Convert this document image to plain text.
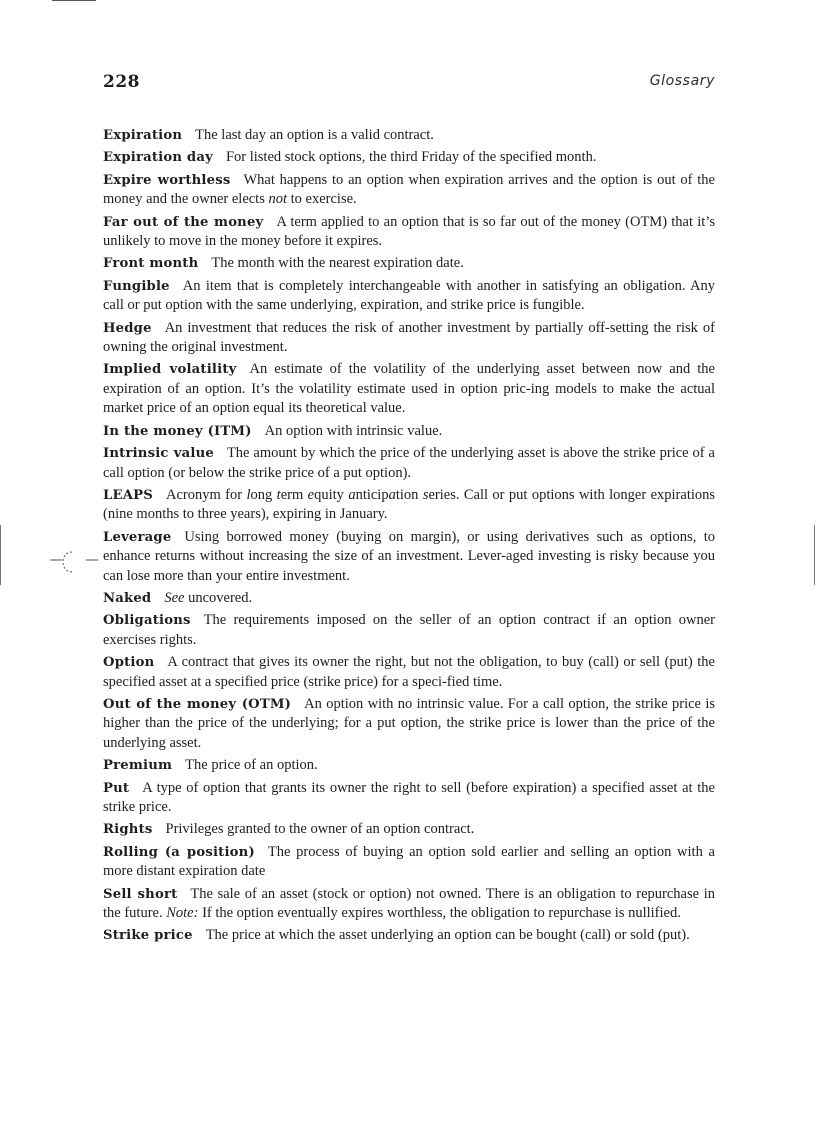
228	Glossary

Expiration The last day an option is a valid contract.

Expiration day For listed stock options, the third Friday of the specified month.

Expire worthless What happens to an option when expiration arrives and the option is out of the money and the owner elects not to exercise.

Far out of the money A term applied to an option that is so far out of the money (OTM) that it’s unlikely to move in the money before it expires.

Front month The month with the nearest expiration date.

Fungible An item that is completely interchangeable with another in satisfying an obligation. Any call or put option with the same underlying, expiration, and strike price is fungible.

Hedge An investment that reduces the risk of another investment by partially off-setting the risk of owning the original investment.

Implied volatility An estimate of the volatility of the underlying asset between now and the expiration of an option. It’s the volatility estimate used in option pric-ing models to make the actual market price of an option equal its theoretical value.

In the money (ITM) An option with intrinsic value.

Intrinsic value The amount by which the price of the underlying asset is above the strike price of a call option (or below the strike price of a put option).

LEAPS Acronym for long term equity anticipation series. Call or put options with longer expirations (nine months to three years), expiring in January.

Leverage Using borrowed money (buying on margin), or using derivatives such as options, to enhance returns without increasing the size of an investment. Lever-aged investing is risky because you can lose more than your entire investment.

Naked See uncovered.

Obligations The requirements imposed on the seller of an option contract if an option owner exercises rights.

Option A contract that gives its owner the right, but not the obligation, to buy (call) or sell (put) the specified asset at a specified price (strike price) for a speci-fied time.

Out of the money (OTM) An option with no intrinsic value. For a call option, the strike price is higher than the price of the underlying; for a put option, the strike price is lower than the price of the underlying asset.

Premium The price of an option.

Put A type of option that grants its owner the right to sell (before expiration) a specified asset at the strike price.

Rights Privileges granted to the owner of an option contract.

Rolling (a position) The process of buying an option sold earlier and selling an option with a more distant expiration date

Sell short The sale of an asset (stock or option) not owned. There is an obligation to repurchase in the future. Note: If the option eventually expires worthless, the obligation to repurchase is nullified.

Strike price The price at which the asset underlying an option can be bought (call) or sold (put).
